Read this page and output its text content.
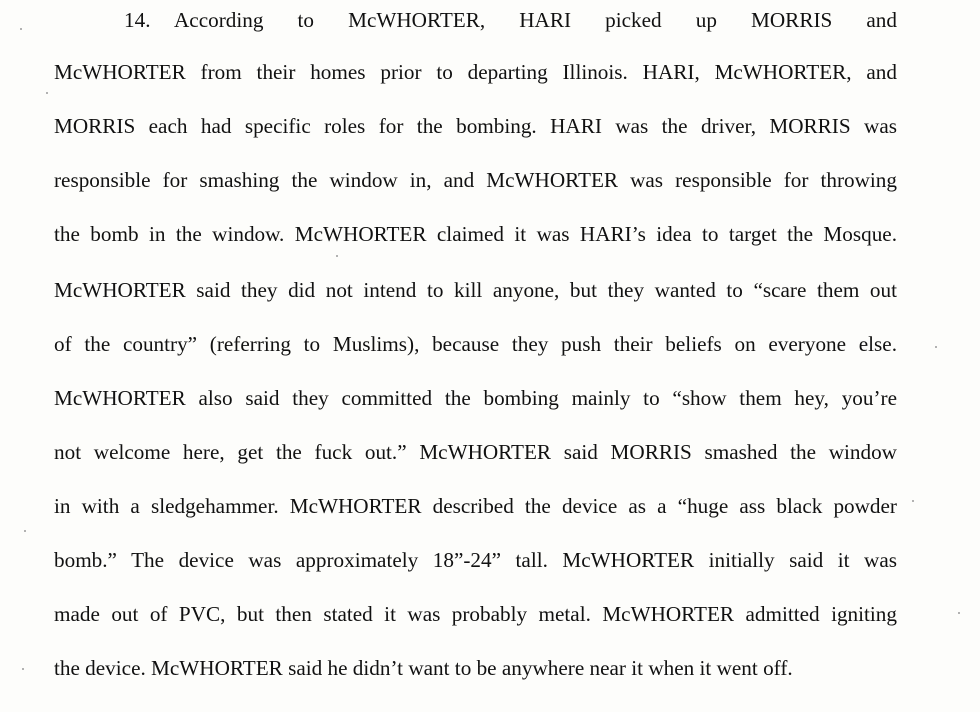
14. According to McWHORTER, HARI picked up MORRIS and
McWHORTER from their homes prior to departing Illinois. HARI, McWHORTER, and
MORRIS each had specific roles for the bombing. HARI was the driver, MORRIS was
responsible for smashing the window in, and McWHORTER was responsible for throwing
the bomb in the window. McWHORTER claimed it was HARI’s idea to target the Mosque.
McWHORTER said they did not intend to kill anyone, but they wanted to “scare them out
of the country” (referring to Muslims), because they push their beliefs on everyone else.
McWHORTER also said they committed the bombing mainly to “show them hey, you’re
not welcome here, get the fuck out.” McWHORTER said MORRIS smashed the window
in with a sledgehammer. McWHORTER described the device as a “huge ass black powder
bomb.” The device was approximately 18”-24” tall. McWHORTER initially said it was
made out of PVC, but then stated it was probably metal. McWHORTER admitted igniting
the device. McWHORTER said he didn’t want to be anywhere near it when it went off.
